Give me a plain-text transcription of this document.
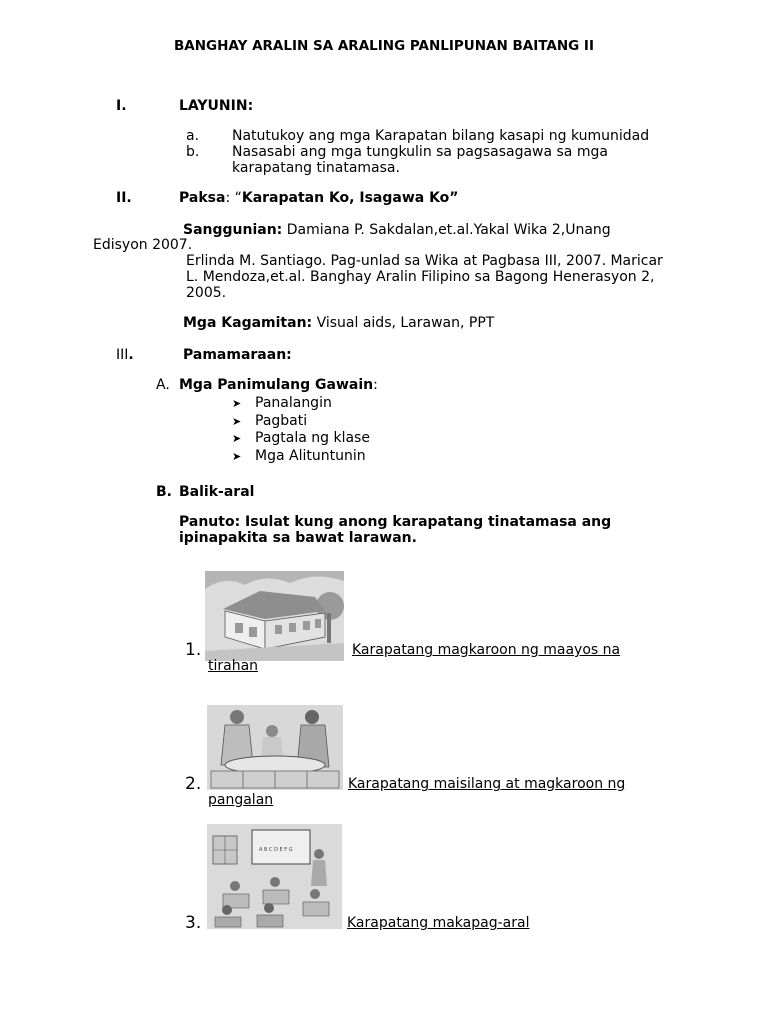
BANGHAY ARALIN SA ARALING PANLIPUNAN BAITANG II
I.	LAYUNIN:
a. Natutukoy ang mga Karapatan bilang kasapi ng kumunidad
b. Nasasabi ang mga tungkulin sa pagsasagawa sa mga
karapatang tinatamasa.
II.	Paksa: “Karapatan Ko, Isagawa Ko”
Sanggunian: Damiana P. Sakdalan,et.al.Yakal Wika 2,Unang
Edisyon 2007.
Erlinda M. Santiago. Pag-unlad sa Wika at Pagbasa III, 2007. Maricar
L. Mendoza,et.al. Banghay Aralin Filipino sa Bagong Henerasyon 2,
2005.
Mga Kagamitan: Visual aids, Larawan, PPT
III.	Pamamaraan:
A. Mga Panimulang Gawain:
➤ Panalangin
➤ Pagbati
➤ Pagtala ng klase
➤ Mga Alituntunin
B. Balik-aral
Panuto: Isulat kung anong karapatang tinatamasa ang
ipinapakita sa bawat larawan.
1.	Karapatang magkaroon ng maayos na
tirahan
2.	Karapatang maisilang at magkaroon ng
pangalan
A B C D E F G
3.	Karapatang makapag-aral
